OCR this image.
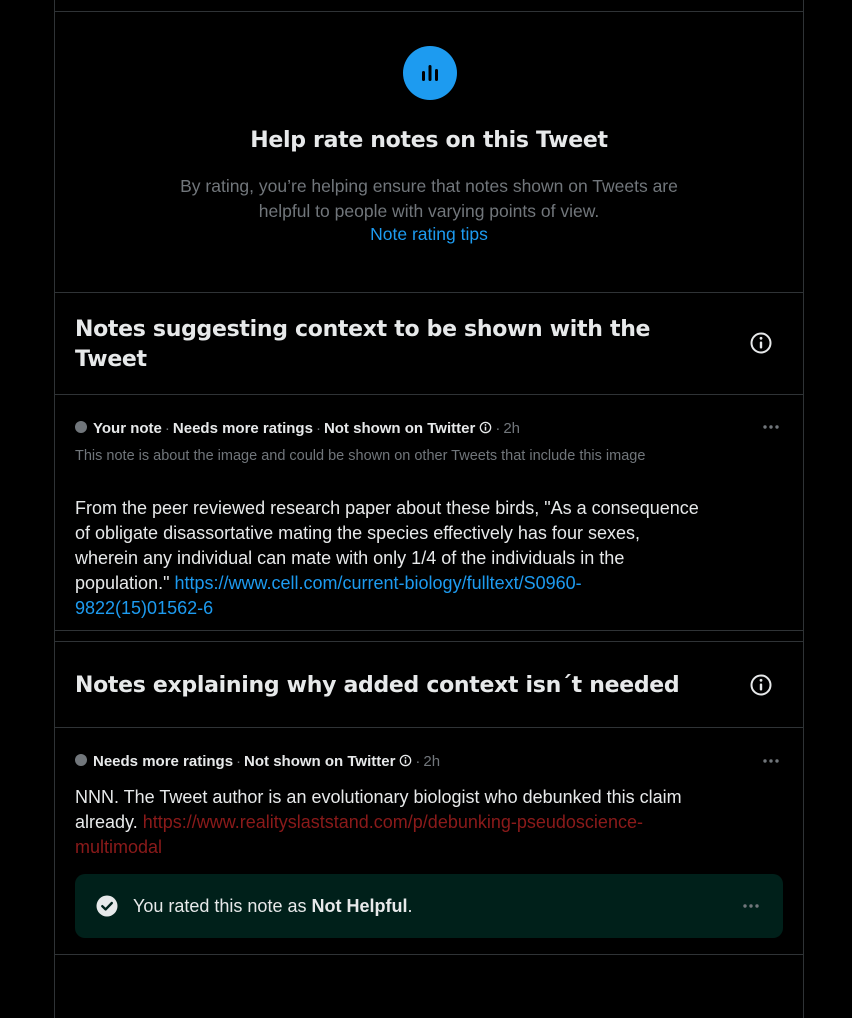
Help rate notes on this Tweet
By rating, you’re helping ensure that notes shown on Tweets are helpful to people with varying points of view.
Note rating tips
Notes suggesting context to be shown with the Tweet
Your note · Needs more ratings · Not shown on Twitter · 2h
This note is about the image and could be shown on other Tweets that include this image
From the peer reviewed research paper about these birds, "As a consequence of obligate disassortative mating the species effectively has four sexes, wherein any individual can mate with only 1/4 of the individuals in the population." https://www.cell.com/current-biology/fulltext/S0960-9822(15)01562-6
Notes explaining why added context isn´t needed
Needs more ratings · Not shown on Twitter · 2h
NNN. The Tweet author is an evolutionary biologist who debunked this claim already. https://www.realityslaststand.com/p/debunking-pseudoscience-multimodal
You rated this note as Not Helpful.
